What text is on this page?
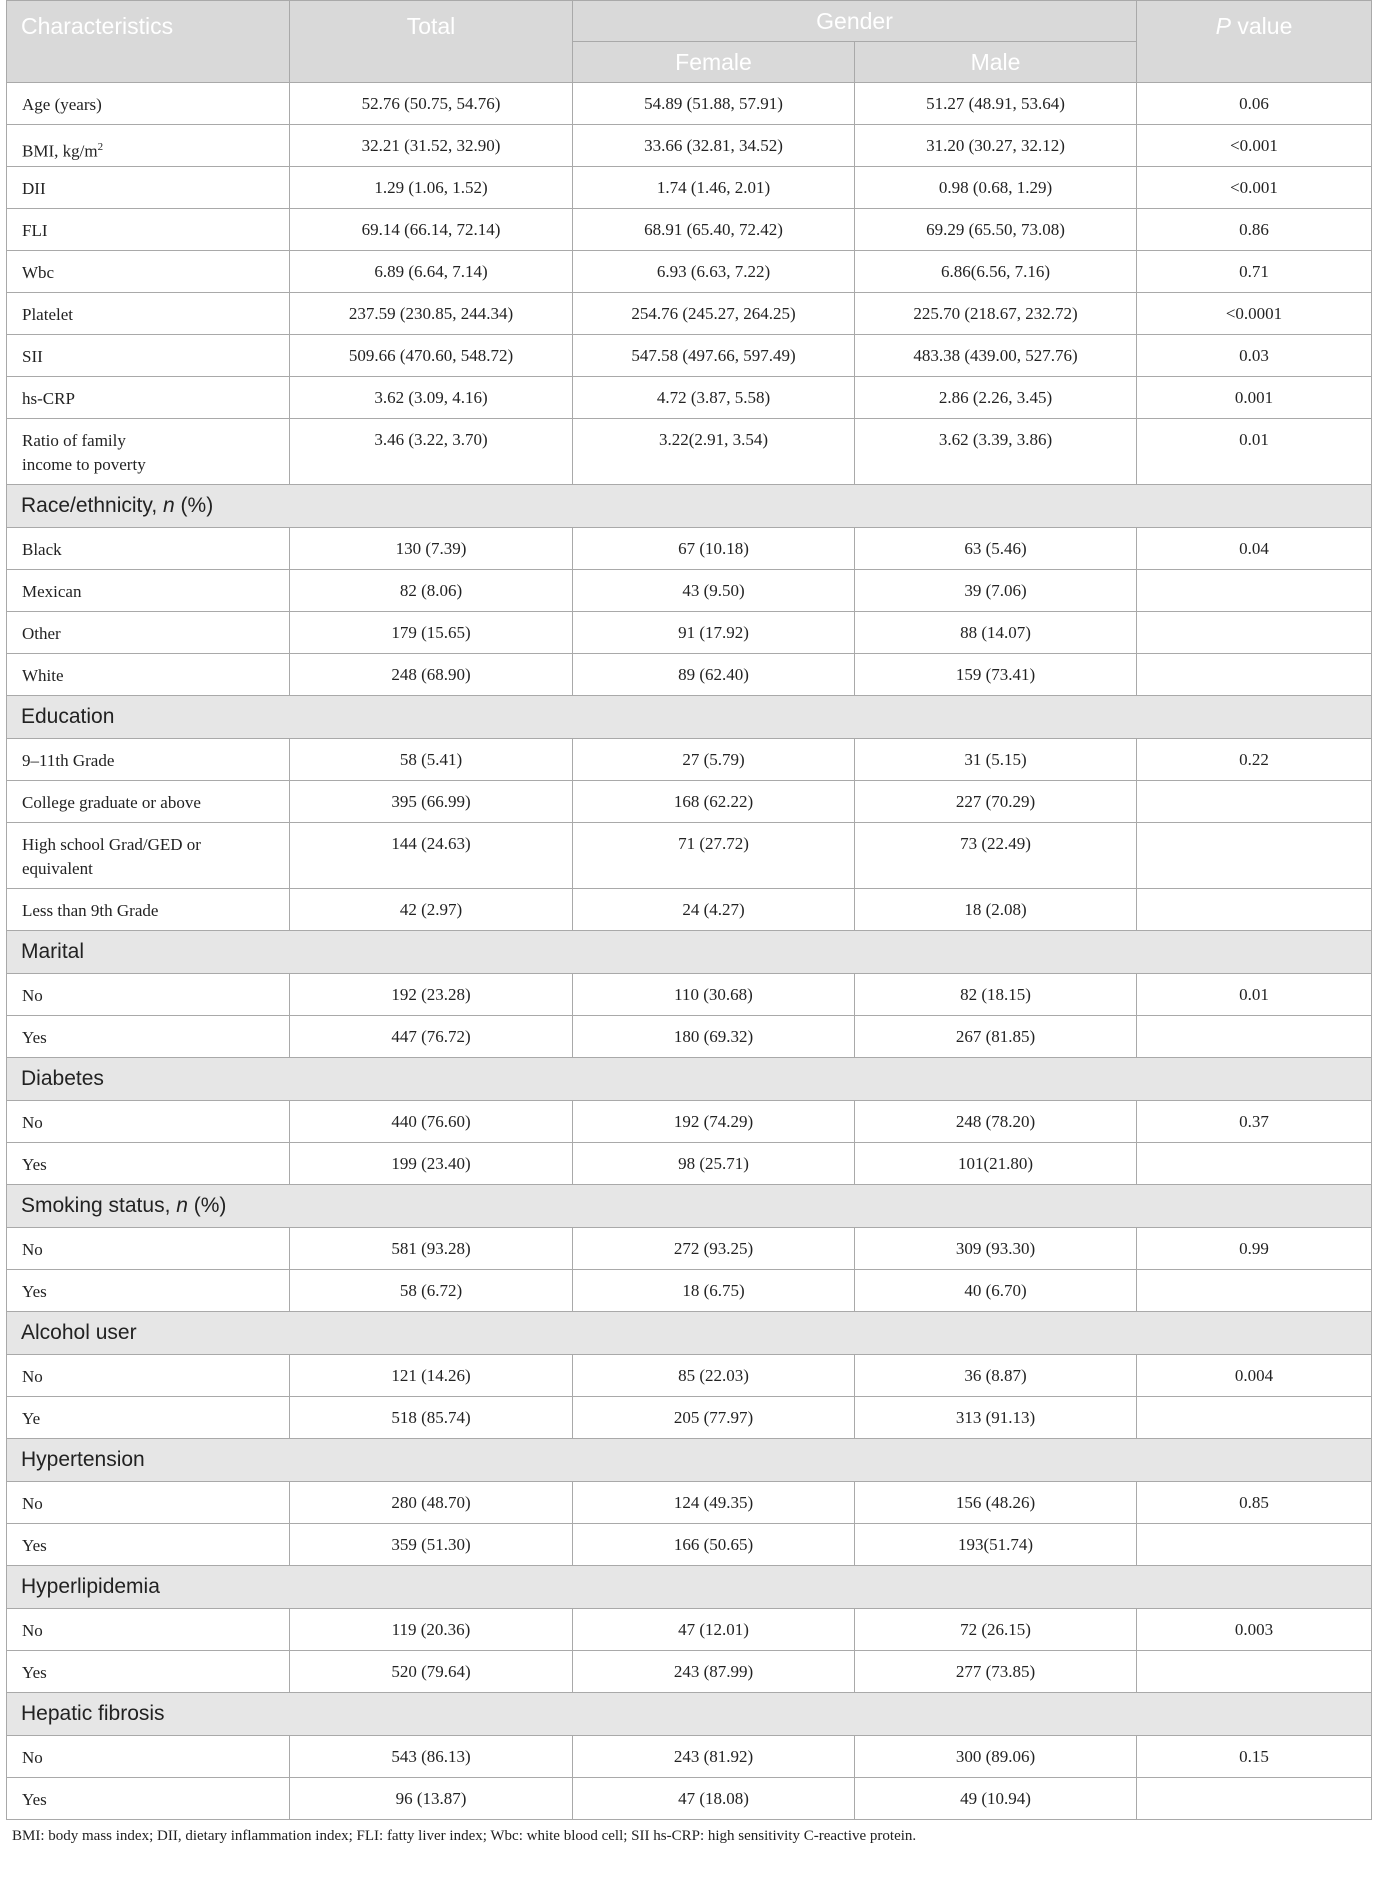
Characteristics	Total	Gender		P value
		Female	Male	
Age (years)	52.76 (50.75, 54.76)	54.89 (51.88, 57.91)	51.27 (48.91, 53.64)	0.06
BMI, $kg/m^2$	32.21 (31.52, 32.90)	33.66 (32.81, 34.52)	31.20 (30.27, 32.12)	<0.001
DII	1.29 (1.06, 1.52)	1.74 (1.46, 2.01)	0.98 (0.68, 1.29)	<0.001
FLI	69.14 (66.14, 72.14)	68.91 (65.40, 72.42)	69.29 (65.50, 73.08)	0.86
Wbc	6.89 (6.64, 7.14)	6.93 (6.63, 7.22)	6.86(6.56, 7.16)	0.71
Platelet	237.59 (230.85, 244.34)	254.76 (245.27, 264.25)	225.70 (218.67, 232.72)	<0.0001
SII	509.66 (470.60, 548.72)	547.58 (497.66, 597.49)	483.38 (439.00, 527.76)	0.03
hs-CRP	3.62 (3.09, 4.16)	4.72 (3.87, 5.58)	2.86 (2.26, 3.45)	0.001
Ratio of family
income to poverty	3.46 (3.22, 3.70)	3.22(2.91, 3.54)	3.62 (3.39, 3.86)	0.01
Race/ethnicity, n (%)				
Black	130 (7.39)	67 (10.18)	63 (5.46)	0.04
Mexican	82 (8.06)	43 (9.50)	39 (7.06)	
Other	179 (15.65)	91 (17.92)	88 (14.07)	
White	248 (68.90)	89 (62.40)	159 (73.41)	
Education				
9–11th Grade	58 (5.41)	27 (5.79)	31 (5.15)	0.22
College graduate or above	395 (66.99)	168 (62.22)	227 (70.29)	
High school Grad/GED or
equivalent	144 (24.63)	71 (27.72)	73 (22.49)	
Less than 9th Grade	42 (2.97)	24 (4.27)	18 (2.08)	
Marital				
No	192 (23.28)	110 (30.68)	82 (18.15)	0.01
Yes	447 (76.72)	180 (69.32)	267 (81.85)	
Diabetes				
No	440 (76.60)	192 (74.29)	248 (78.20)	0.37
Yes	199 (23.40)	98 (25.71)	101(21.80)	
Smoking status, n (%)				
No	581 (93.28)	272 (93.25)	309 (93.30)	0.99
Yes	58 (6.72)	18 (6.75)	40 (6.70)	
Alcohol user				
No	121 (14.26)	85 (22.03)	36 (8.87)	0.004
Ye	518 (85.74)	205 (77.97)	313 (91.13)	
Hypertension				
No	280 (48.70)	124 (49.35)	156 (48.26)	0.85
Yes	359 (51.30)	166 (50.65)	193(51.74)	
Hyperlipidemia				
No	119 (20.36)	47 (12.01)	72 (26.15)	0.003
Yes	520 (79.64)	243 (87.99)	277 (73.85)	
Hepatic fibrosis				
No	543 (86.13)	243 (81.92)	300 (89.06)	0.15
Yes	96 (13.87)	47 (18.08)	49 (10.94)	
BMI: body mass index; DII, dietary inflammation index; FLI: fatty liver index; Wbc: white blood cell; SII hs-CRP: high sensitivity C-reactive protein.
